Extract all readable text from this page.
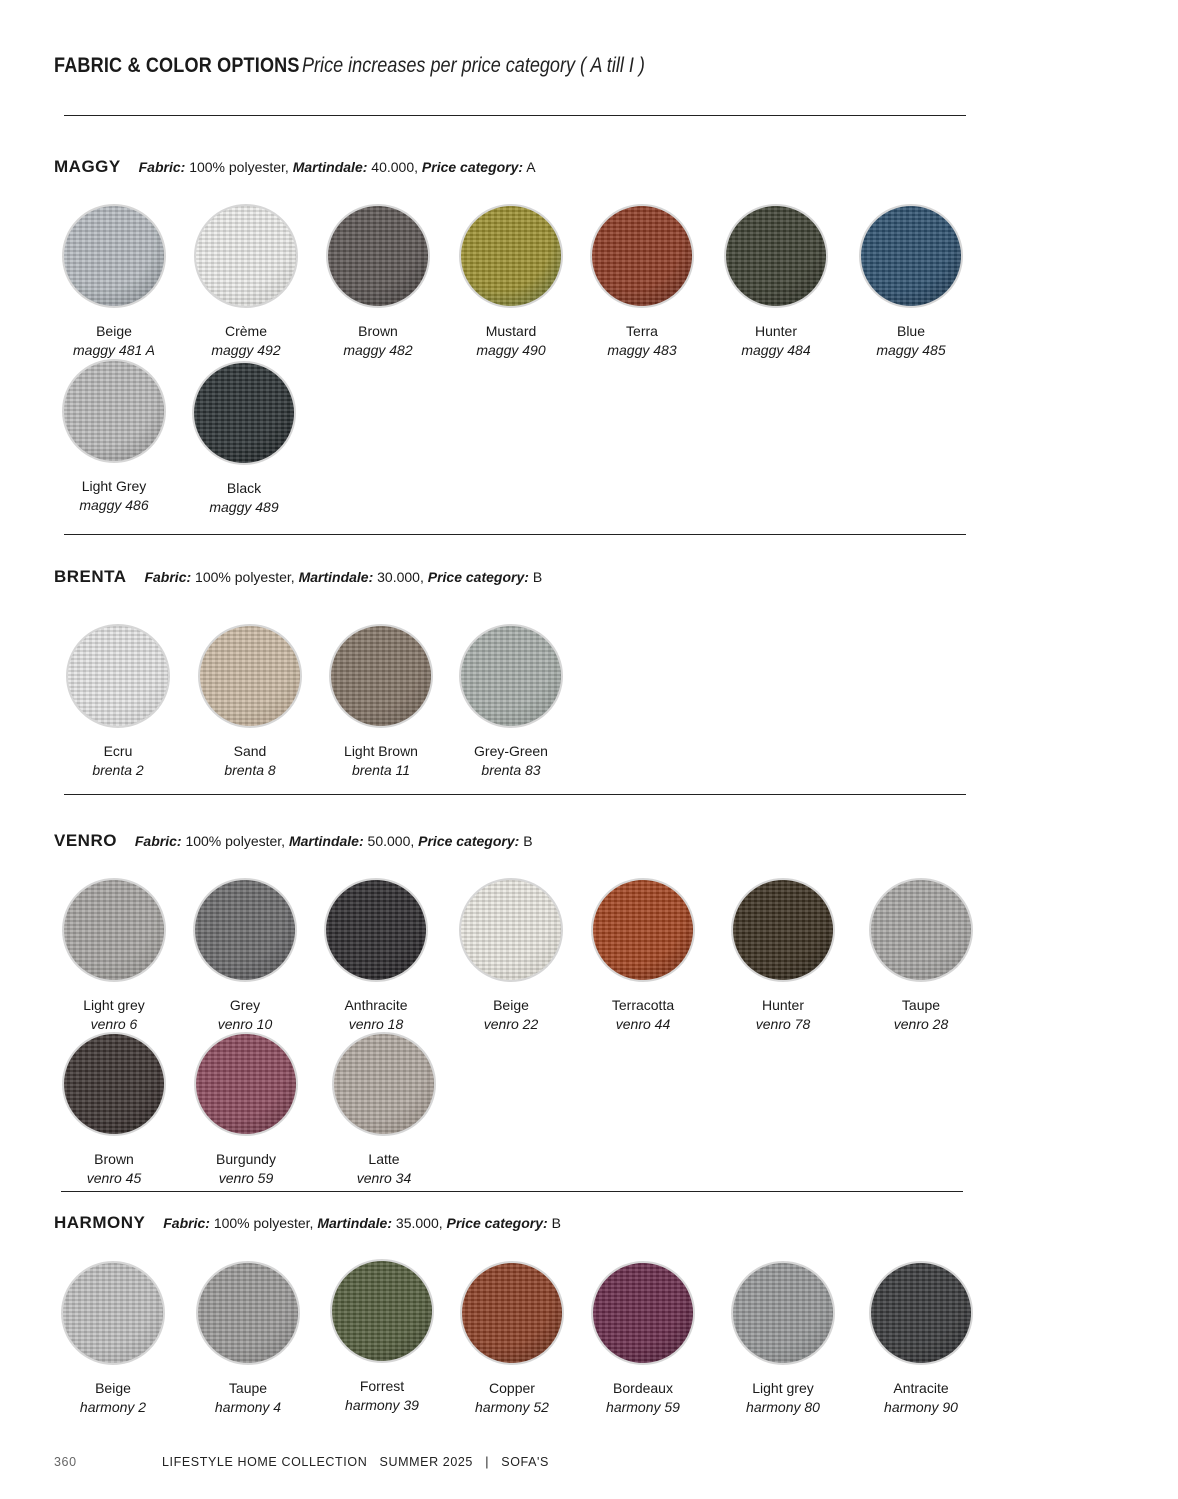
FABRIC & COLOR OPTIONS Price increases per price category ( A till I )
MAGGY Fabric: 100% polyester, Martindale: 40.000, Price category: A
Beige
maggy 481 A
Crème
maggy 492
Brown
maggy 482
Mustard
maggy 490
Terra
maggy 483
Hunter
maggy 484
Blue
maggy 485
Light Grey
maggy 486
Black
maggy 489
BRENTA Fabric: 100% polyester, Martindale: 30.000, Price category: B
Ecru
brenta 2
Sand
brenta 8
Light Brown
brenta 11
Grey-Green
brenta 83
VENRO Fabric: 100% polyester, Martindale: 50.000, Price category: B
Light grey
venro 6
Grey
venro 10
Anthracite
venro 18
Beige
venro 22
Terracotta
venro 44
Hunter
venro 78
Taupe
venro 28
Brown
venro 45
Burgundy
venro 59
Latte
venro 34
HARMONY Fabric: 100% polyester, Martindale: 35.000, Price category: B
Beige
harmony 2
Taupe
harmony 4
Forrest
harmony 39
Copper
harmony 52
Bordeaux
harmony 59
Light grey
harmony 80
Antracite
harmony 90
360	LIFESTYLE HOME COLLECTION   SUMMER 2025   |   SOFA'S
